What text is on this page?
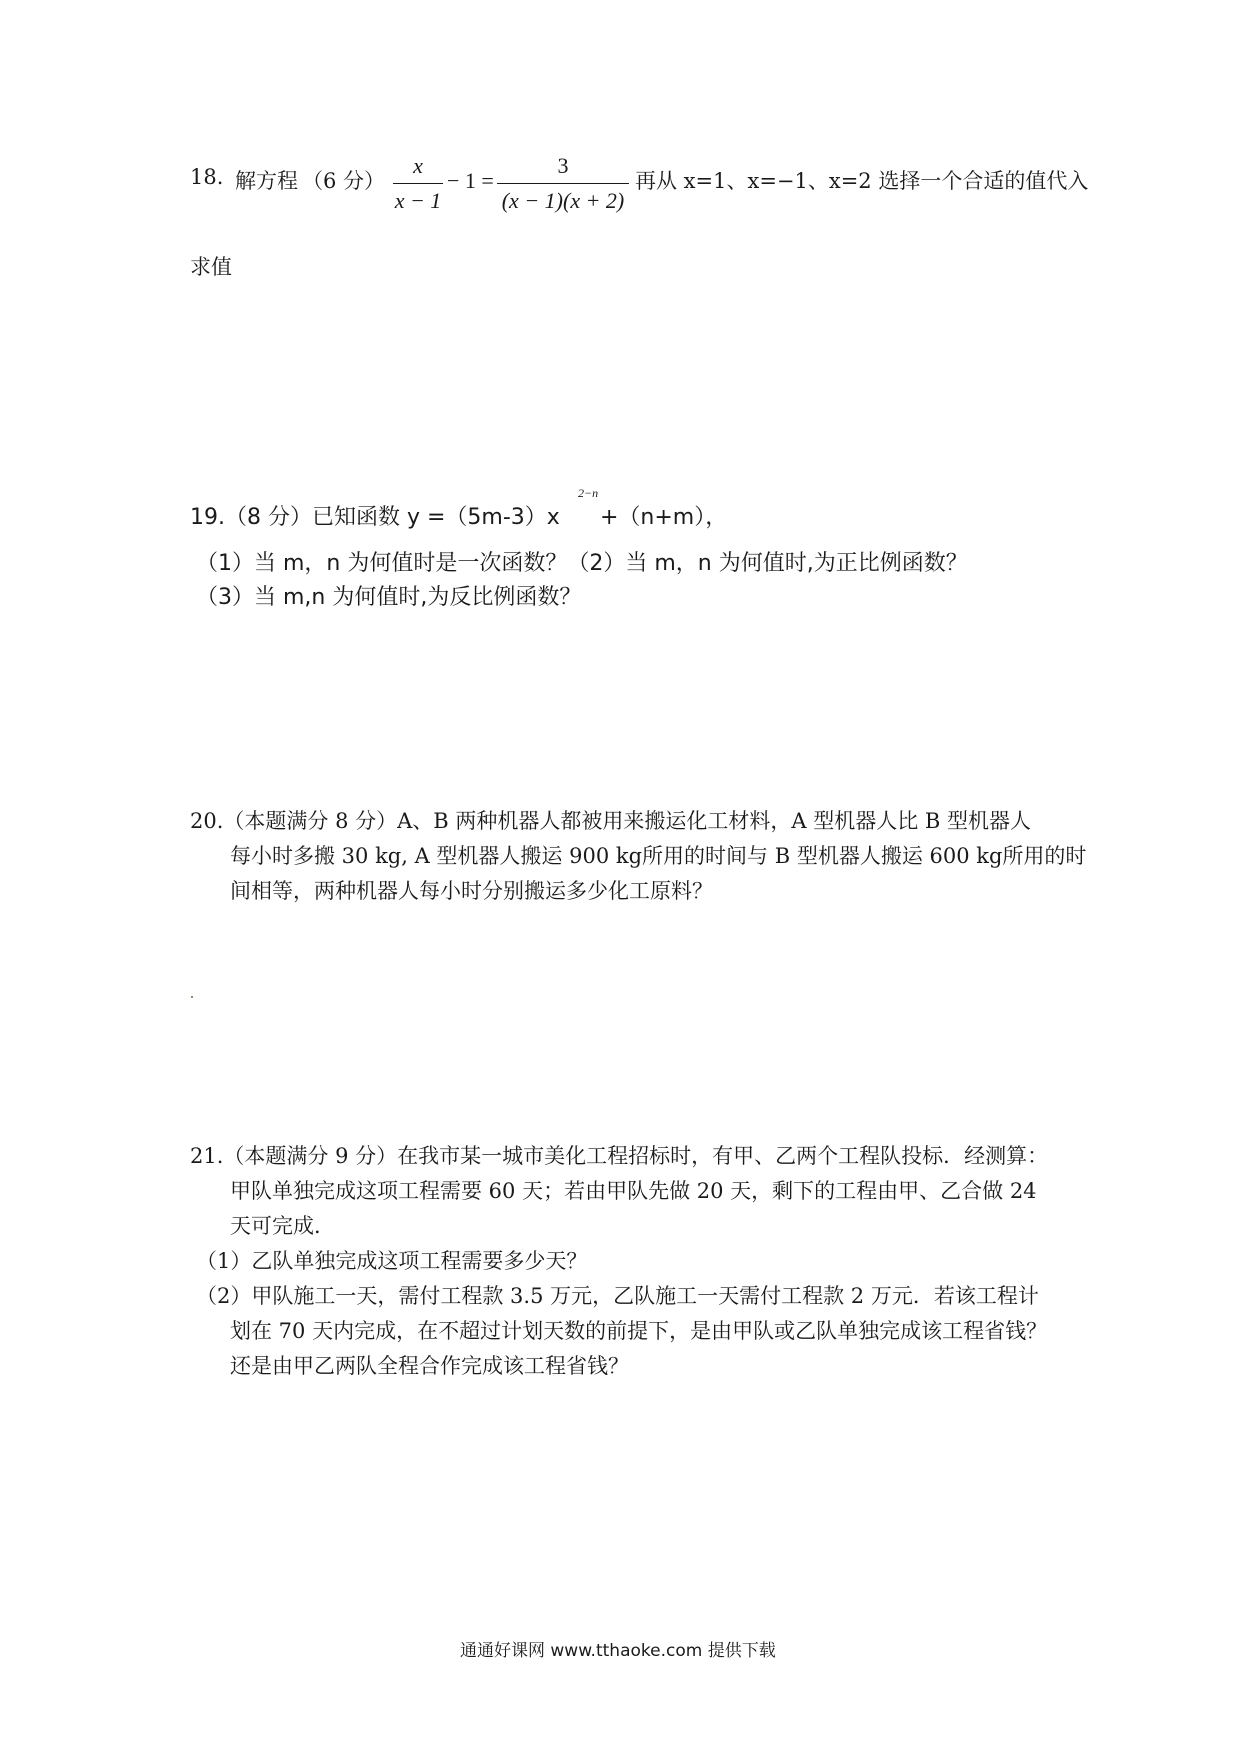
18. 解方程 （6 分）
x
x − 1
− 1 =
3
(x − 1)(x + 2)
再从 x=1、x=−1、x=2 选择一个合适的值代入
求值
19.（8 分）已知函数 y =（5m-3）x
2−n
+（n+m），
（1）当 m，n 为何值时是一次函数？（2）当 m，n 为何值时,为正比例函数？
（3）当 m,n 为何值时,为反比例函数？
20.（本题满分 8 分）A、B 两种机器人都被用来搬运化工材料，A 型机器人比 B 型机器人
每小时多搬 30 kg, A 型机器人搬运 900 kg所用的时间与 B 型机器人搬运 600 kg所用的时
间相等，两种机器人每小时分别搬运多少化工原料？
21.（本题满分 9 分）在我市某一城市美化工程招标时，有甲、乙两个工程队投标．经测算：
甲队单独完成这项工程需要 60 天；若由甲队先做 20 天，剩下的工程由甲、乙合做 24
天可完成．
（1）乙队单独完成这项工程需要多少天？
（2）甲队施工一天，需付工程款 3.5 万元，乙队施工一天需付工程款 2 万元．若该工程计
划在 70 天内完成，在不超过计划天数的前提下，是由甲队或乙队单独完成该工程省钱？
还是由甲乙两队全程合作完成该工程省钱？
通通好课网 www.tthaoke.com 提供下载
